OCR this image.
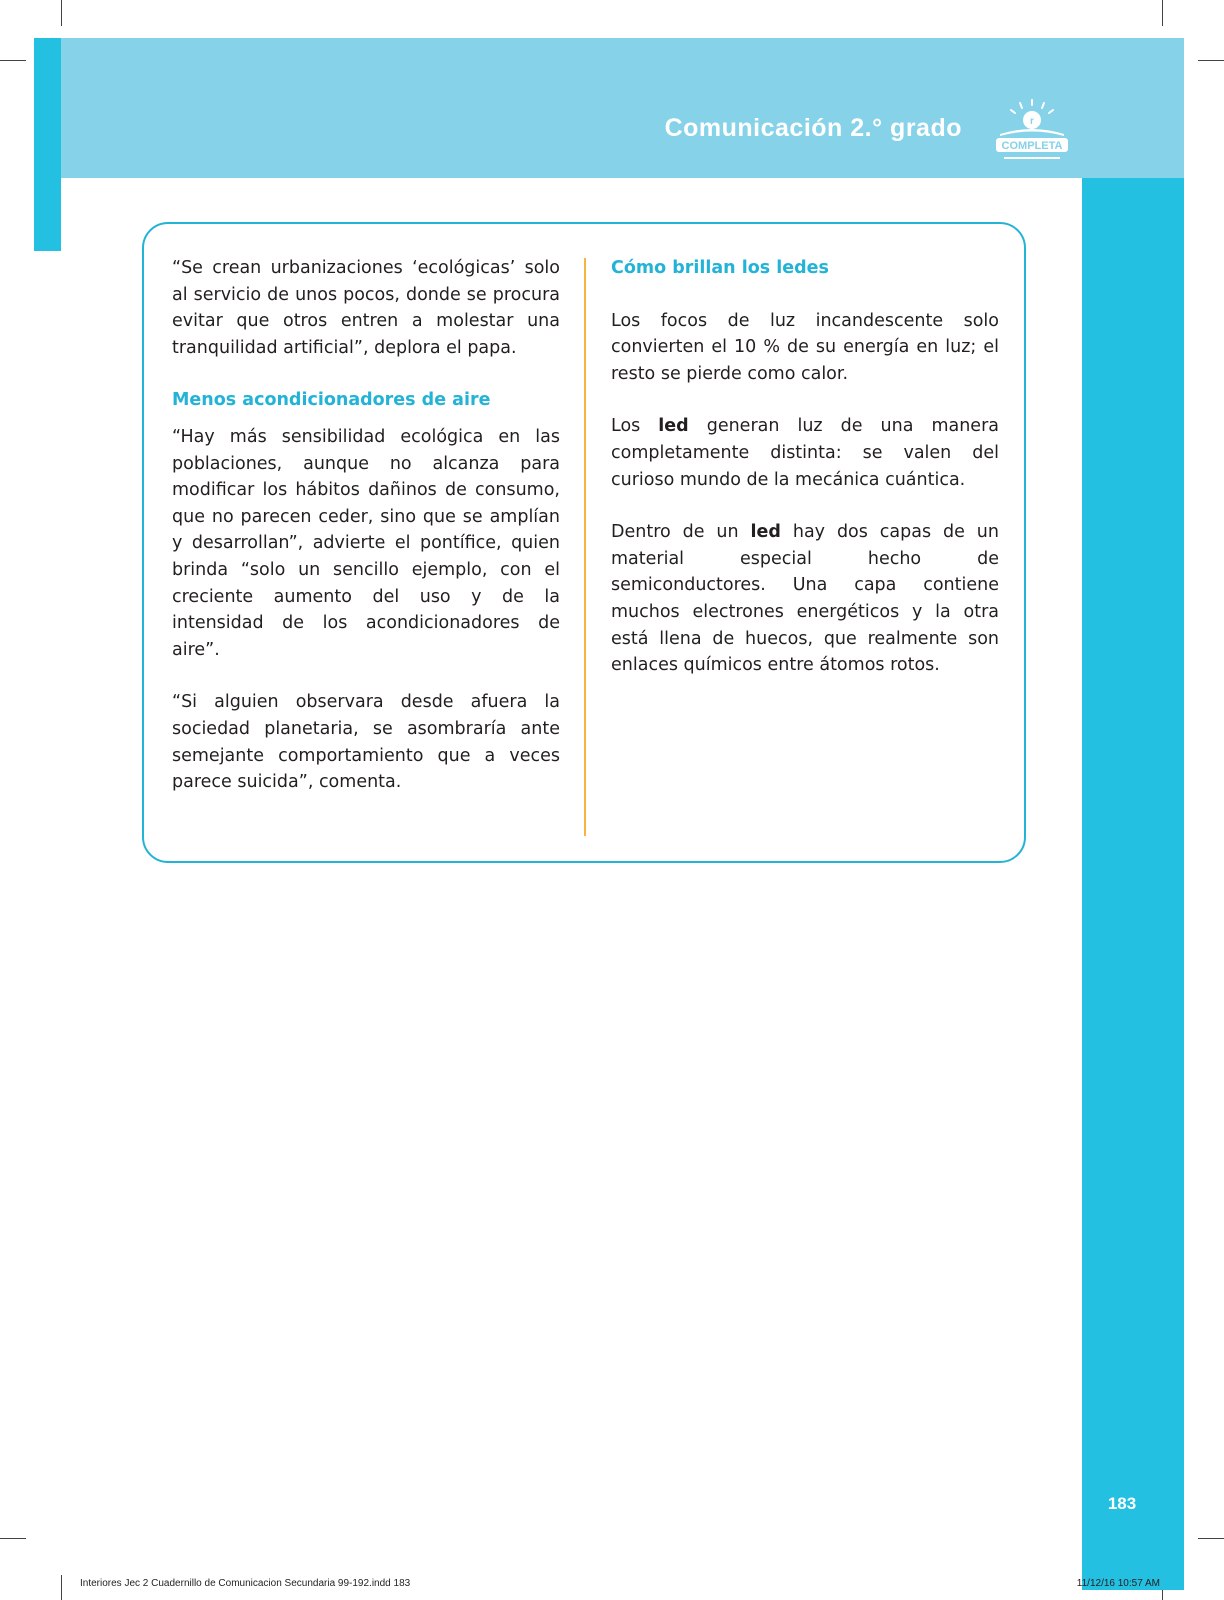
Comunicación 2.° grado	r
COMPLETA

“Se crean urbanizaciones ‘ecológicas’ solo al servicio de unos pocos, donde se procura evitar que otros entren a molestar una tranquilidad artificial”, deplora el papa.

Menos acondicionadores de aire

“Hay más sensibilidad ecológica en las poblaciones, aunque no alcanza para modificar los hábitos dañinos de consumo, que no parecen ceder, sino que se amplían y desarrollan”, advierte el pontífice, quien brinda “solo un sencillo ejemplo, con el creciente aumento del uso y de la intensidad de los acondicionadores de aire”.

“Si alguien observara desde afuera la sociedad planetaria, se asombraría ante semejante comportamiento que a veces parece suicida”, comenta.

Cómo brillan los ledes

Los focos de luz incandescente solo convierten el 10 % de su energía en luz; el resto se pierde como calor.

Los led generan luz de una manera completamente distinta: se valen del curioso mundo de la mecánica cuántica.

Dentro de un led hay dos capas de un material especial hecho de semiconductores. Una capa contiene muchos electrones energéticos y la otra está llena de huecos, que realmente son enlaces químicos entre átomos rotos.

183
Interiores Jec 2 Cuadernillo de Comunicacion Secundaria 99-192.indd 183	11/12/16 10:57 AM
